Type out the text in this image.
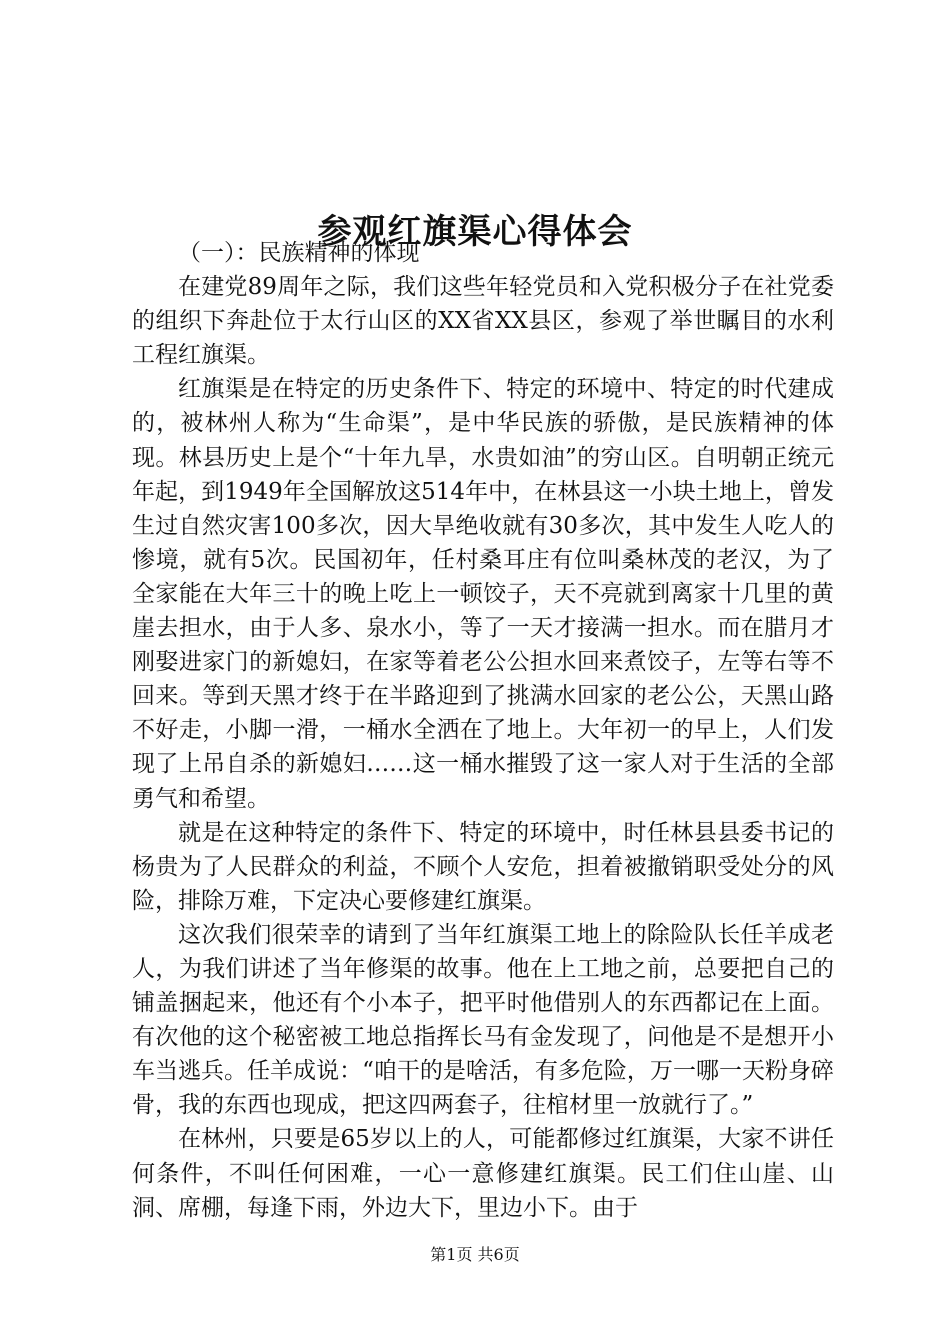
参观红旗渠心得体会

（一）：民族精神的体现

在建党89周年之际，我们这些年轻党员和入党积极分子在社党委的组织下奔赴位于太行山区的XX省XX县区，参观了举世瞩目的水利工程红旗渠。

红旗渠是在特定的历史条件下、特定的环境中、特定的时代建成的，被林州人称为“生命渠”，是中华民族的骄傲，是民族精神的体现。林县历史上是个“十年九旱，水贵如油”的穷山区。自明朝正统元年起，到1949年全国解放这514年中，在林县这一小块土地上，曾发生过自然灾害100多次，因大旱绝收就有30多次，其中发生人吃人的惨境，就有5次。民国初年，任村桑耳庄有位叫桑林茂的老汉，为了全家能在大年三十的晚上吃上一顿饺子，天不亮就到离家十几里的黄崖去担水，由于人多、泉水小，等了一天才接满一担水。而在腊月才刚娶进家门的新媳妇，在家等着老公公担水回来煮饺子，左等右等不回来。等到天黑才终于在半路迎到了挑满水回家的老公公，天黑山路不好走，小脚一滑，一桶水全洒在了地上。大年初一的早上，人们发现了上吊自杀的新媳妇……这一桶水摧毁了这一家人对于生活的全部勇气和希望。

就是在这种特定的条件下、特定的环境中，时任林县县委书记的杨贵为了人民群众的利益，不顾个人安危，担着被撤销职受处分的风险，排除万难，下定决心要修建红旗渠。

这次我们很荣幸的请到了当年红旗渠工地上的除险队长任羊成老人，为我们讲述了当年修渠的故事。他在上工地之前，总要把自己的铺盖捆起来，他还有个小本子，把平时他借别人的东西都记在上面。有次他的这个秘密被工地总指挥长马有金发现了，问他是不是想开小车当逃兵。任羊成说：“咱干的是啥活，有多危险，万一哪一天粉身碎骨，我的东西也现成，把这四两套子，往棺材里一放就行了。”

在林州，只要是65岁以上的人，可能都修过红旗渠，大家不讲任何条件，不叫任何困难，一心一意修建红旗渠。民工们住山崖、山洞、席棚，每逢下雨，外边大下，里边小下。由于

第1页 共6页
